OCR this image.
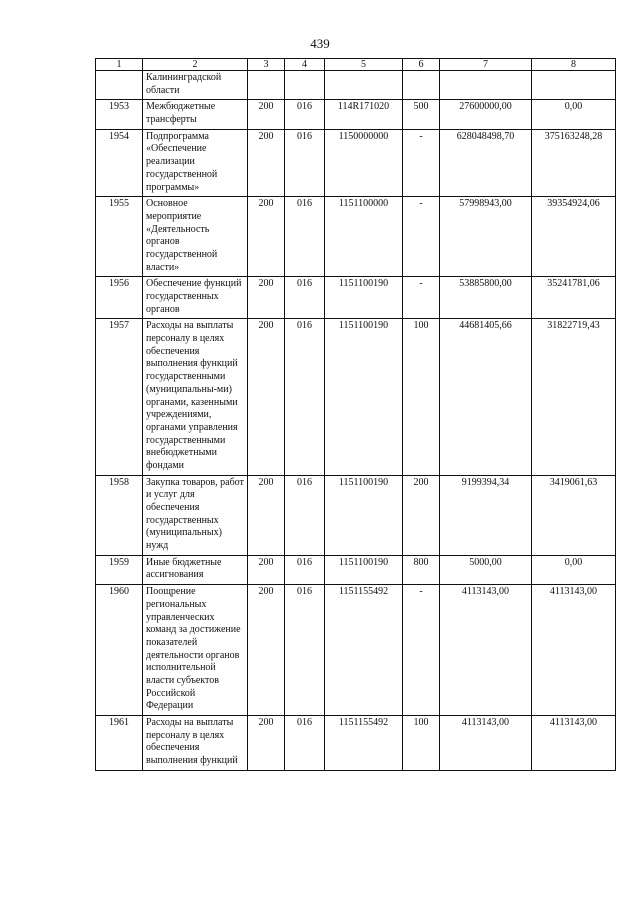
439
1	2	3	4	5	6	7	8
	Калининградской области						
1953	Межбюджетные трансферты	200	016	114R171020	500	27600000,00	0,00
1954	Подпрограмма «Обеспечение реализации государственной программы»	200	016	1150000000	-	628048498,70	375163248,28
1955	Основное мероприятие «Деятельность органов государственной власти»	200	016	1151100000	-	57998943,00	39354924,06
1956	Обеспечение функций государственных органов	200	016	1151100190	-	53885800,00	35241781,06
1957	Расходы на выплаты персоналу в целях обеспечения выполнения функций государственными (муниципальны-ми) органами, казенными учреждениями, органами управления государственными внебюджетными фондами	200	016	1151100190	100	44681405,66	31822719,43
1958	Закупка товаров, работ и услуг для обеспечения государственных (муниципальных) нужд	200	016	1151100190	200	9199394,34	3419061,63
1959	Иные бюджетные ассигнования	200	016	1151100190	800	5000,00	0,00
1960	Поощрение региональных управленческих команд за достижение показателей деятельности органов исполнительной власти субъектов Российской Федерации	200	016	1151155492	-	4113143,00	4113143,00
1961	Расходы на выплаты персоналу в целях обеспечения выполнения функций	200	016	1151155492	100	4113143,00	4113143,00
